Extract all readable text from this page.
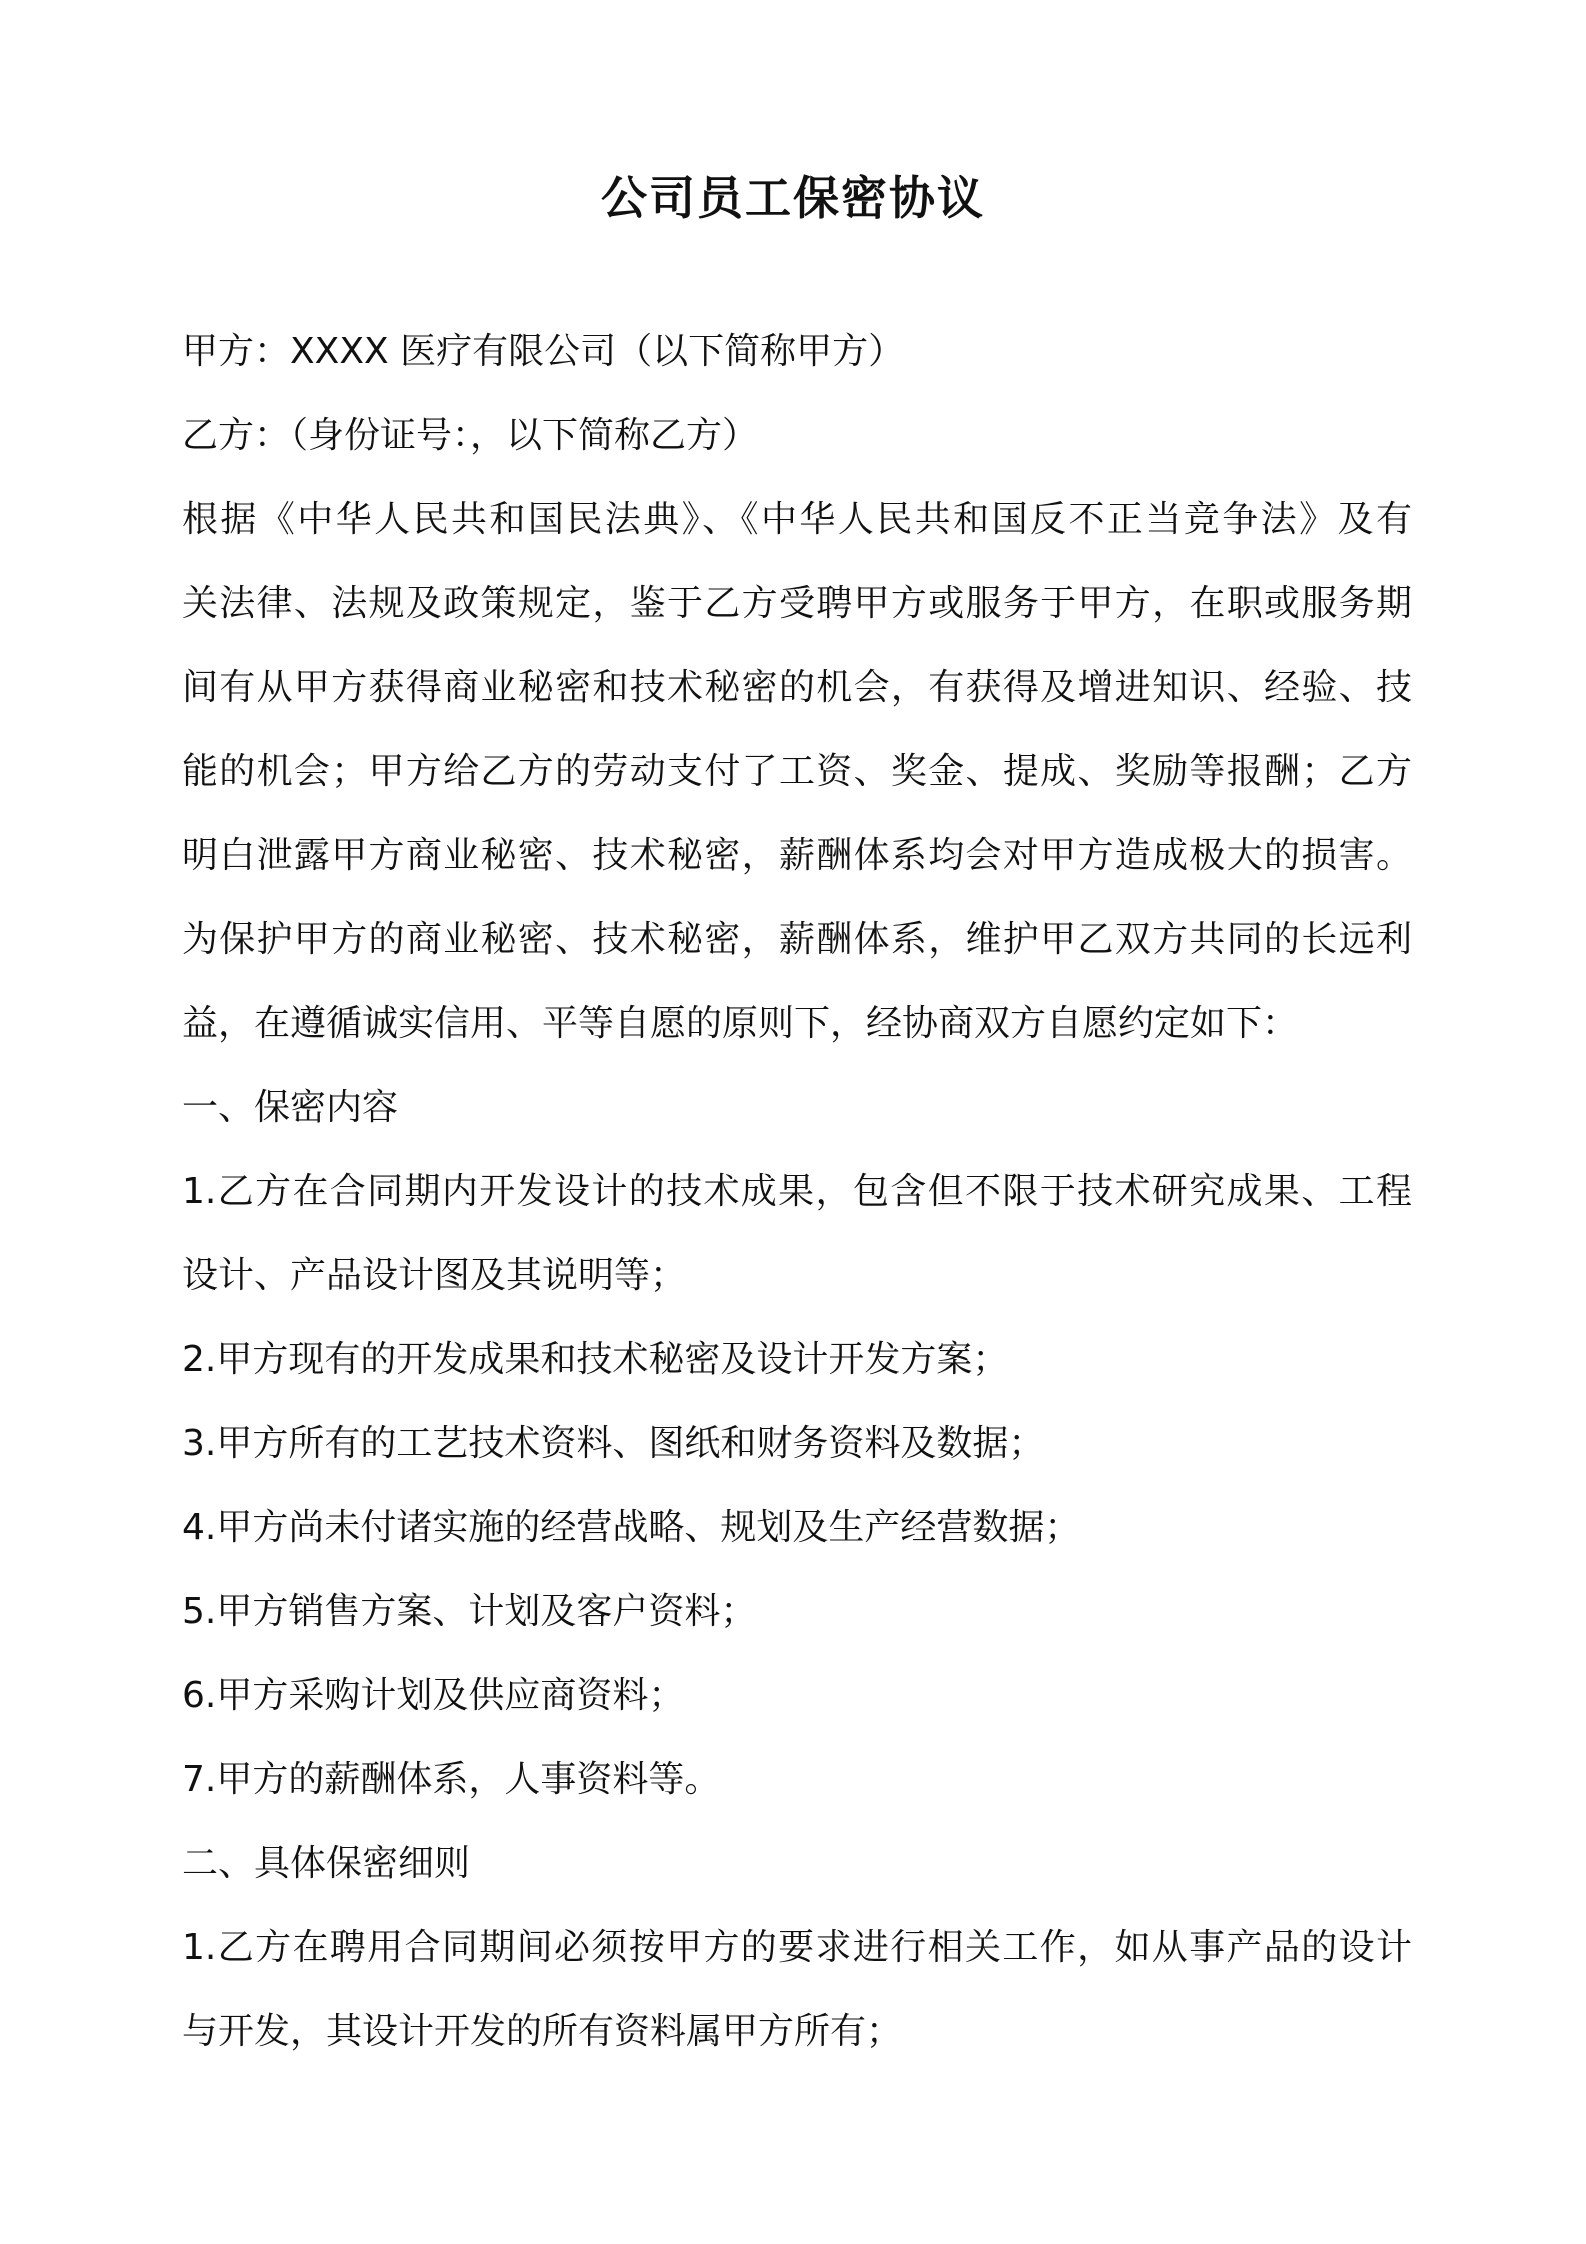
公司员工保密协议
甲方：XXXX 医疗有限公司（以下简称甲方）
乙方：（身份证号：，以下简称乙方）
根据《中华人民共和国民法典》、《中华人民共和国反不正当竞争法》及有
关法律、法规及政策规定，鉴于乙方受聘甲方或服务于甲方，在职或服务期
间有从甲方获得商业秘密和技术秘密的机会，有获得及增进知识、经验、技
能的机会；甲方给乙方的劳动支付了工资、奖金、提成、奖励等报酬；乙方
明白泄露甲方商业秘密、技术秘密，薪酬体系均会对甲方造成极大的损害。
为保护甲方的商业秘密、技术秘密，薪酬体系，维护甲乙双方共同的长远利
益，在遵循诚实信用、平等自愿的原则下，经协商双方自愿约定如下：
一、保密内容
1.乙方在合同期内开发设计的技术成果，包含但不限于技术研究成果、工程
设计、产品设计图及其说明等；
2.甲方现有的开发成果和技术秘密及设计开发方案；
3.甲方所有的工艺技术资料、图纸和财务资料及数据；
4.甲方尚未付诸实施的经营战略、规划及生产经营数据；
5.甲方销售方案、计划及客户资料；
6.甲方采购计划及供应商资料；
7.甲方的薪酬体系，人事资料等。
二、具体保密细则
1.乙方在聘用合同期间必须按甲方的要求进行相关工作，如从事产品的设计
与开发，其设计开发的所有资料属甲方所有；
